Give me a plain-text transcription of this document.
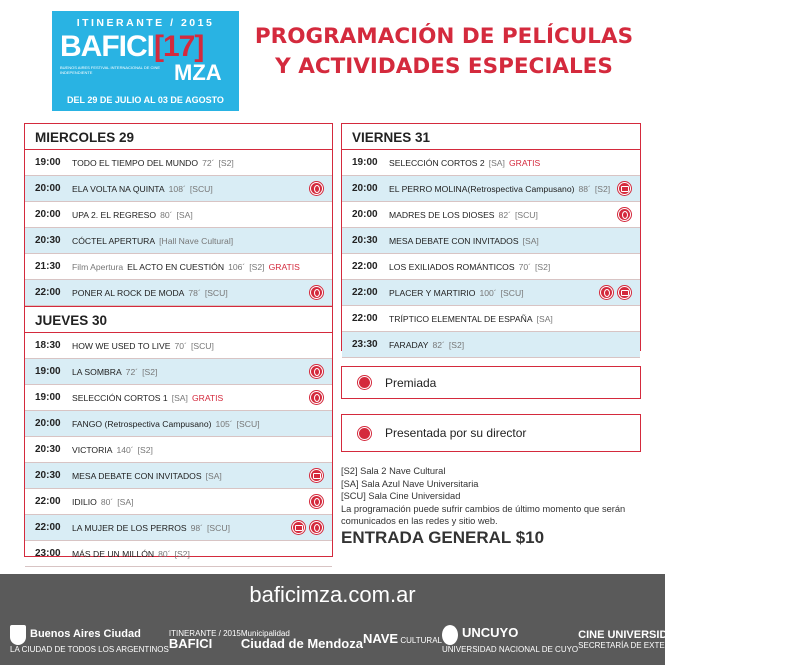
ITINERANTE / 2015
BAFICI[17]
BUENOS AIRES FESTIVAL INTERNACIONAL DE CINE INDEPENDIENTE	MZA
DEL 29 DE JULIO AL 03 DE AGOSTO
PROGRAMACIÓN DE PELÍCULAS
Y ACTIVIDADES ESPECIALES
MIERCOLES 29
19:00	TODO EL TIEMPO DEL MUNDO 72´ [S2]
20:00	ELA VOLTA NA QUINTA 108´ [SCU]
20:00	UPA 2. EL REGRESO 80´ [SA]
20:30	CÓCTEL APERTURA [Hall Nave Cultural]
21:30	Film Apertura EL ACTO EN CUESTIÓN 106´ [S2] GRATIS
22:00	PONER AL ROCK DE MODA 78´ [SCU]
JUEVES 30
18:30	HOW WE USED TO LIVE 70´ [SCU]
19:00	LA SOMBRA 72´ [S2]
19:00	SELECCIÓN CORTOS 1 [SA] GRATIS
20:00	FANGO (Retrospectiva Campusano) 105´ [SCU]
20:30	VICTORIA 140´ [S2]
20:30	MESA DEBATE CON INVITADOS [SA]
22:00	IDILIO 80´ [SA]
22:00	LA MUJER DE LOS PERROS 98´ [SCU]
23:00	MÁS DE UN MILLÓN 80´ [S2]
VIERNES 31
19:00	SELECCIÓN CORTOS 2 [SA] GRATIS
20:00	EL PERRO MOLINA(Retrospectiva Campusano) 88´ [S2]
20:00	MADRES DE LOS DIOSES 82´ [SCU]
20:30	MESA DEBATE CON INVITADOS [SA]
22:00	LOS EXILIADOS ROMÁNTICOS 70´ [S2]
22:00	PLACER Y MARTIRIO 100´ [SCU]
22:00	TRÍPTICO ELEMENTAL DE ESPAÑA [SA]
23:30	FARADAY 82´ [S2]
Premiada
Presentada por su director
[S2] Sala 2 Nave Cultural
[SA] Sala Azul Nave Universitaria
[SCU] Sala Cine Universidad
La programación puede sufrir cambios de último momento que serán comunicados en las redes y sitio web.
ENTRADA GENERAL $10
baficimza.com.ar
Buenos Aires Ciudad
LA CIUDAD DE TODOS LOS ARGENTINOS
ITINERANTE / 2015
BAFICI
Municipalidad
Ciudad de Mendoza NAVE CULTURAL
UNCUYO
UNIVERSIDAD NACIONAL DE CUYO
CINE UNIVERSIDAD
SECRETARÍA DE EXTENSIÓN UNIVERSITARIA
UNICA
PRODUCTORA
